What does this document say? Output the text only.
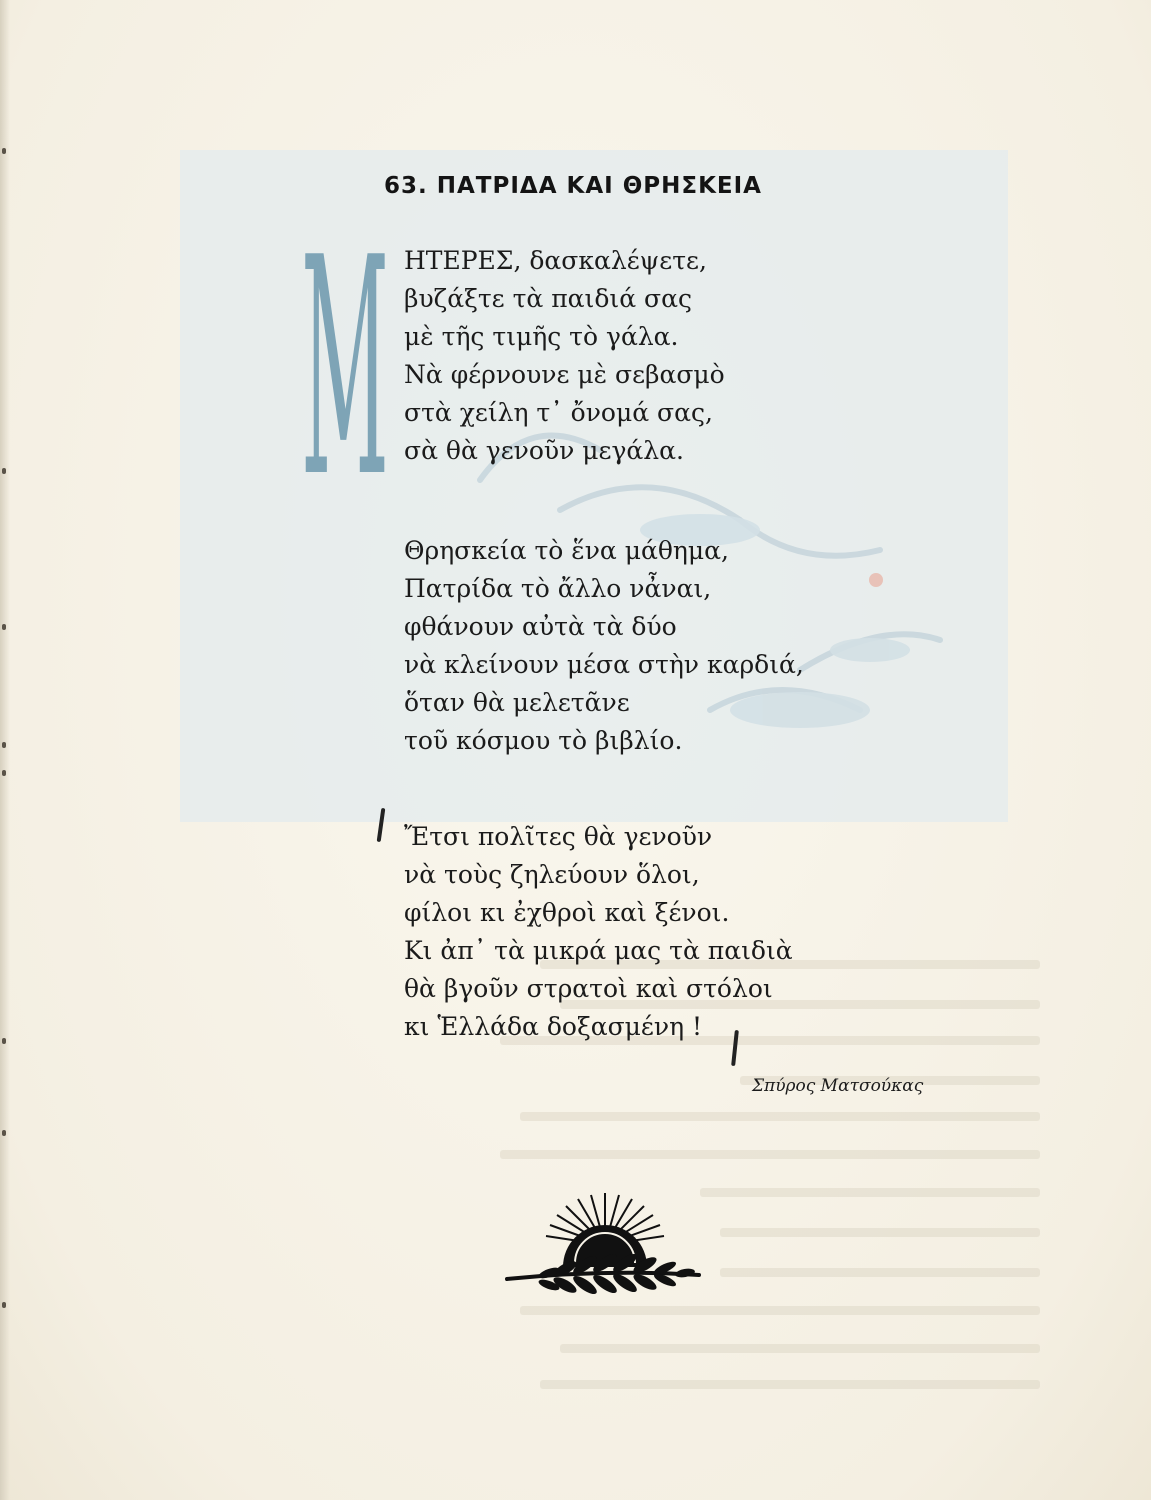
63. ΠΑΤΡΙΔΑ ΚΑΙ ΘΡΗΣΚΕΙΑ
Μ ΗΤΕΡΕΣ, δασκαλέψετε,
βυζάξτε τὰ παιδιά σας
μὲ τῆς τιμῆς τὸ γάλα.
Νὰ φέρνουνε μὲ σεβασμὸ
στὰ χείλη τ᾽ ὄνομά σας,
σὰ θὰ γενοῦν μεγάλα.
Θρησκεία τὸ ἕνα μάθημα,
Πατρίδα τὸ ἄλλο νἆναι,
φθάνουν αὐτὰ τὰ δύο
νὰ κλείνουν μέσα στὴν καρδιά,
ὅταν θὰ μελετᾶνε
τοῦ κόσμου τὸ βιβλίο.
Ἔτσι πολῖτες θὰ γενοῦν
νὰ τοὺς ζηλεύουν ὅλοι,
φίλοι κι ἐχθροὶ καὶ ξένοι.
Κι ἀπ᾽ τὰ μικρά μας τὰ παιδιὰ
θὰ βγοῦν στρατοὶ καὶ στόλοι
κι Ἑλλάδα δοξασμένη !
Σπύρος Ματσούκας
